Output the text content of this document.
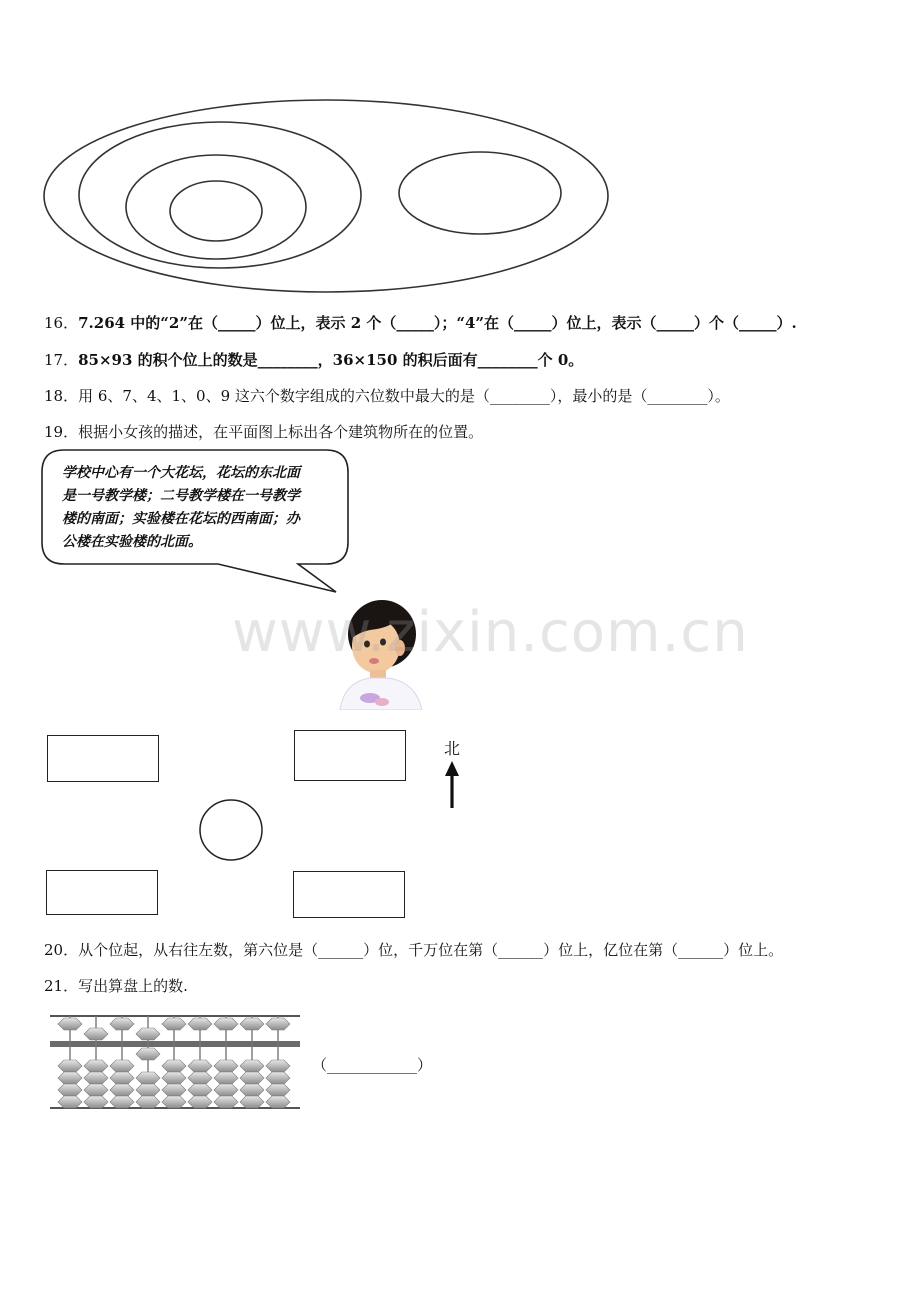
16．7.264 中的“2”在（_____）位上，表示 2 个（_____）；“4”在（_____）位上，表示（_____）个（_____）.
17．85×93 的积个位上的数是________，36×150 的积后面有________个 0。
18．用 6、7、4、1、0、9 这六个数字组成的六位数中最大的是（________），最小的是（________）。
19．根据小女孩的描述，在平面图上标出各个建筑物所在的位置。
学校中心有一个大花坛，花坛的东北面
是一号教学楼；二号教学楼在一号教学
楼的南面；实验楼在花坛的西南面；办
公楼在实验楼的北面。
www.zixin.com.cn
北
20．从个位起，从右往左数，第六位是（______）位，千万位在第（______）位上，亿位在第（______）位上。
21．写出算盘上的数.
（____________）
